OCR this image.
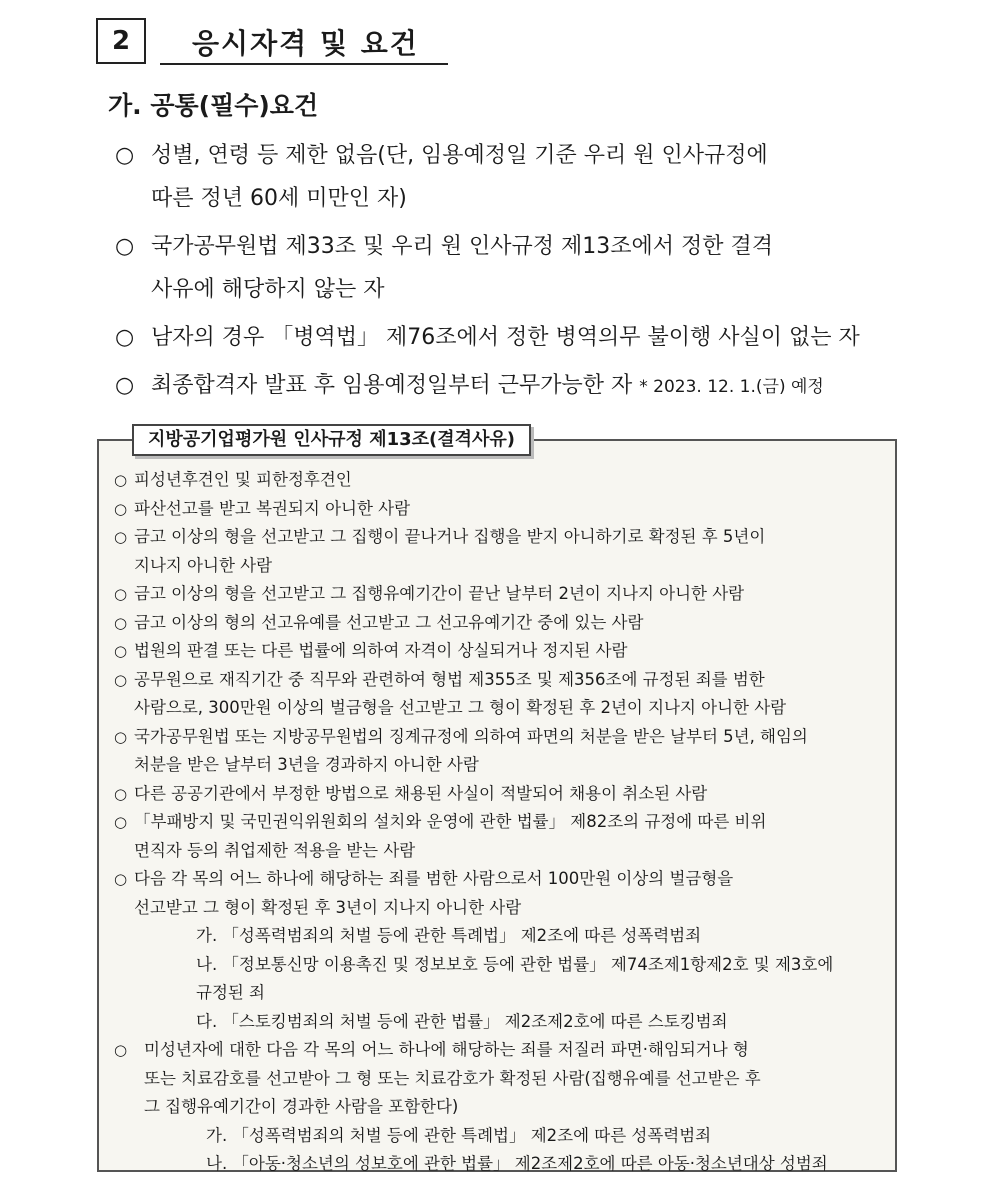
2	응시자격 및 요건
가. 공통(필수)요건
○ 성별, 연령 등 제한 없음(단, 임용예정일 기준 우리 원 인사규정에
따른 정년 60세 미만인 자)
○ 국가공무원법 제33조 및 우리 원 인사규정 제13조에서 정한 결격
사유에 해당하지 않는 자
○ 남자의 경우 「병역법」 제76조에서 정한 병역의무 불이행 사실이 없는 자
○ 최종합격자 발표 후 임용예정일부터 근무가능한 자 * 2023. 12. 1.(금) 예정
지방공기업평가원 인사규정 제13조(결격사유)
○ 피성년후견인 및 피한정후견인
○ 파산선고를 받고 복권되지 아니한 사람
○ 금고 이상의 형을 선고받고 그 집행이 끝나거나 집행을 받지 아니하기로 확정된 후 5년이
지나지 아니한 사람
○ 금고 이상의 형을 선고받고 그 집행유예기간이 끝난 날부터 2년이 지나지 아니한 사람
○ 금고 이상의 형의 선고유예를 선고받고 그 선고유예기간 중에 있는 사람
○ 법원의 판결 또는 다른 법률에 의하여 자격이 상실되거나 정지된 사람
○ 공무원으로 재직기간 중 직무와 관련하여 형법 제355조 및 제356조에 규정된 죄를 범한
사람으로, 300만원 이상의 벌금형을 선고받고 그 형이 확정된 후 2년이 지나지 아니한 사람
○ 국가공무원법 또는 지방공무원법의 징계규정에 의하여 파면의 처분을 받은 날부터 5년, 해임의
처분을 받은 날부터 3년을 경과하지 아니한 사람
○ 다른 공공기관에서 부정한 방법으로 채용된 사실이 적발되어 채용이 취소된 사람
○ 「부패방지 및 국민권익위원회의 설치와 운영에 관한 법률」 제82조의 규정에 따른 비위
면직자 등의 취업제한 적용을 받는 사람
○ 다음 각 목의 어느 하나에 해당하는 죄를 범한 사람으로서 100만원 이상의 벌금형을
선고받고 그 형이 확정된 후 3년이 지나지 아니한 사람
가. 「성폭력범죄의 처벌 등에 관한 특례법」 제2조에 따른 성폭력범죄
나. 「정보통신망 이용촉진 및 정보보호 등에 관한 법률」 제74조제1항제2호 및 제3호에
규정된 죄
다. 「스토킹범죄의 처벌 등에 관한 법률」 제2조제2호에 따른 스토킹범죄
○ 미성년자에 대한 다음 각 목의 어느 하나에 해당하는 죄를 저질러 파면·해임되거나 형
또는 치료감호를 선고받아 그 형 또는 치료감호가 확정된 사람(집행유예를 선고받은 후
그 집행유예기간이 경과한 사람을 포함한다)
가. 「성폭력범죄의 처벌 등에 관한 특례법」 제2조에 따른 성폭력범죄
나. 「아동·청소년의 성보호에 관한 법률」 제2조제2호에 따른 아동·청소년대상 성범죄
